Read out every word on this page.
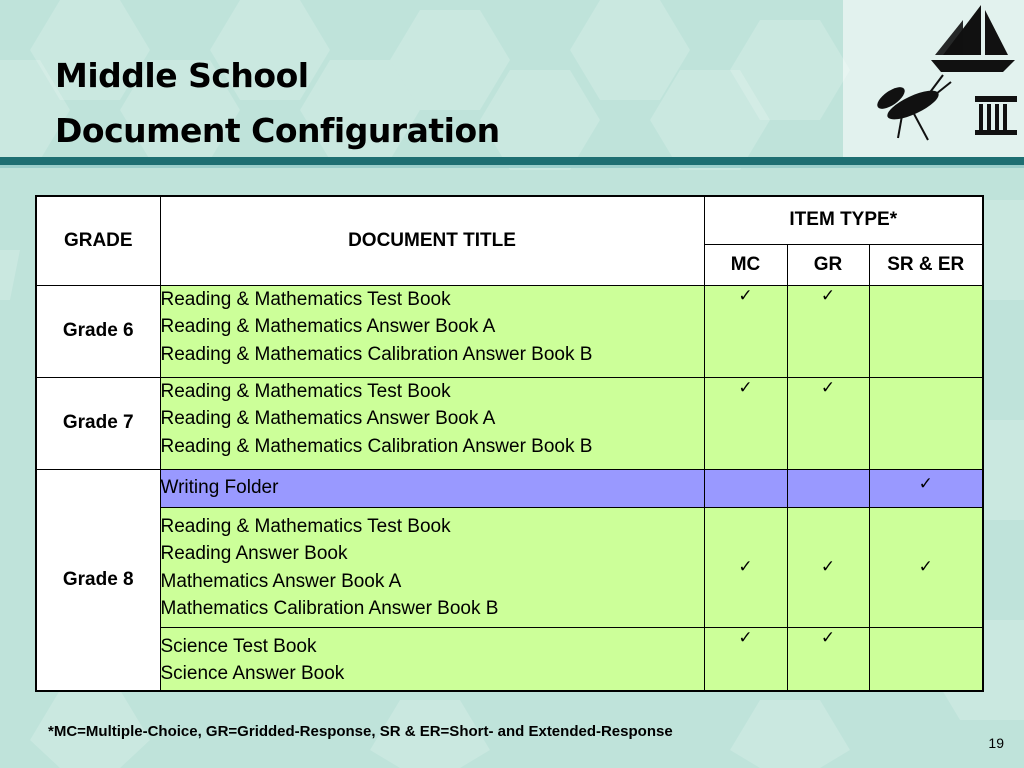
Middle School
Document Configuration
GRADE	DOCUMENT TITLE	ITEM TYPE*		
		MC	GR	SR & ER
Grade 6	Reading & Mathematics Test Book
Reading & Mathematics Answer Book A
Reading & Mathematics Calibration Answer Book B	✓	✓	
Grade 7	Reading & Mathematics Test Book
Reading & Mathematics Answer Book A
Reading & Mathematics Calibration Answer Book B	✓	✓	
Grade 8	Writing Folder			✓

	Reading & Mathematics Test Book
Reading Answer Book
Mathematics Answer Book A
Mathematics Calibration Answer Book B	✓	✓	✓

	Science Test Book
Science Answer Book	✓	✓	
*MC=Multiple-Choice, GR=Gridded-Response, SR & ER=Short- and Extended-Response
19
